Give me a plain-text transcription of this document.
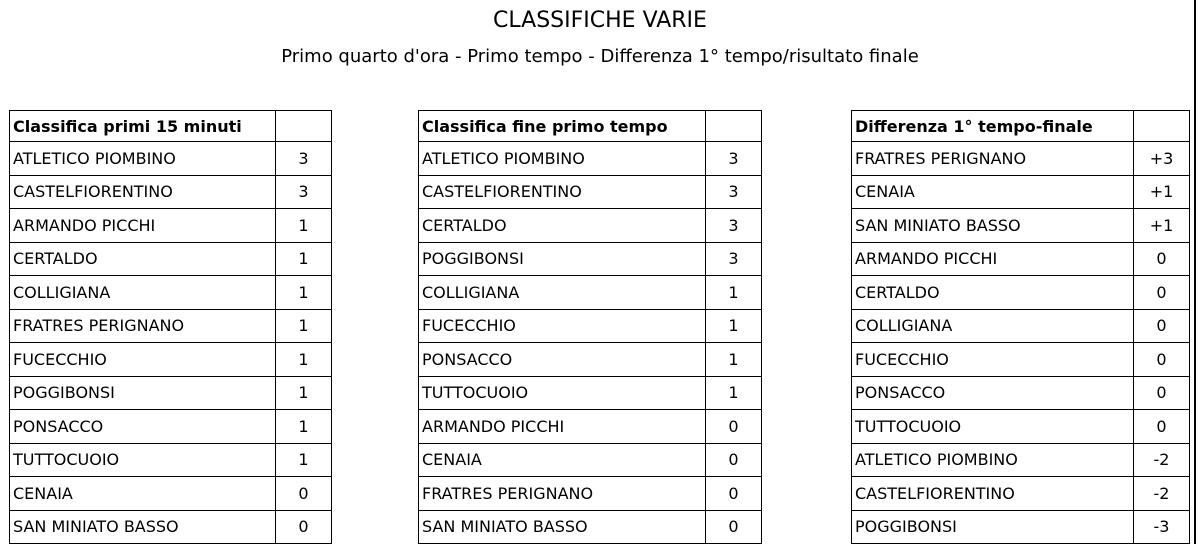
CLASSIFICHE VARIE
Primo quarto d'ora - Primo tempo - Differenza 1° tempo/risultato finale
Classifica primi 15 minuti	
ATLETICO PIOMBINO	3
CASTELFIORENTINO	3
ARMANDO PICCHI	1
CERTALDO	1
COLLIGIANA	1
FRATRES PERIGNANO	1
FUCECCHIO	1
POGGIBONSI	1
PONSACCO	1
TUTTOCUOIO	1
CENAIA	0
SAN MINIATO BASSO	0
Classifica fine primo tempo	
ATLETICO PIOMBINO	3
CASTELFIORENTINO	3
CERTALDO	3
POGGIBONSI	3
COLLIGIANA	1
FUCECCHIO	1
PONSACCO	1
TUTTOCUOIO	1
ARMANDO PICCHI	0
CENAIA	0
FRATRES PERIGNANO	0
SAN MINIATO BASSO	0
Differenza 1° tempo-finale	
FRATRES PERIGNANO	+3
CENAIA	+1
SAN MINIATO BASSO	+1
ARMANDO PICCHI	0
CERTALDO	0
COLLIGIANA	0
FUCECCHIO	0
PONSACCO	0
TUTTOCUOIO	0
ATLETICO PIOMBINO	-2
CASTELFIORENTINO	-2
POGGIBONSI	-3
